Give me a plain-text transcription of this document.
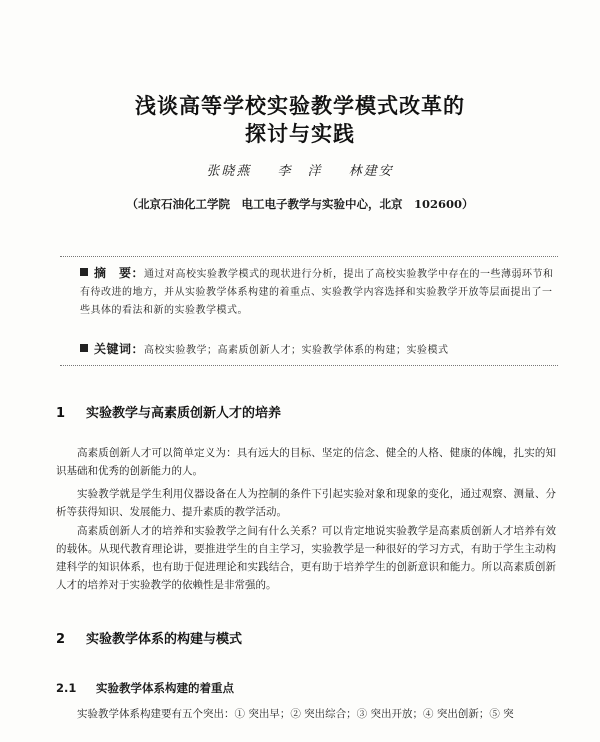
浅谈高等学校实验教学模式改革的
探讨与实践
张晓燕 李　洋 林建安
（北京石油化工学院　电工电子教学与实验中心，北京　102600）
摘　要：通过对高校实验教学模式的现状进行分析，提出了高校实验教学中存在的一些薄弱环节和有待改进的地方，并从实验教学体系构建的着重点、实验教学内容选择和实验教学开放等层面提出了一些具体的看法和新的实验教学模式。
关键词：高校实验教学；高素质创新人才；实验教学体系的构建；实验模式
1 实验教学与高素质创新人才的培养
高素质创新人才可以简单定义为：具有远大的目标、坚定的信念、健全的人格、健康的体魄，扎实的知识基础和优秀的创新能力的人。
实验教学就是学生利用仪器设备在人为控制的条件下引起实验对象和现象的变化，通过观察、测量、分析等获得知识、发展能力、提升素质的教学活动。
高素质创新人才的培养和实验教学之间有什么关系？可以肯定地说实验教学是高素质创新人才培养有效的载体。从现代教育理论讲，要推进学生的自主学习，实验教学是一种很好的学习方式，有助于学生主动构建科学的知识体系，也有助于促进理论和实践结合，更有助于培养学生的创新意识和能力。所以高素质创新人才的培养对于实验教学的依赖性是非常强的。
2 实验教学体系的构建与模式
2.1 实验教学体系构建的着重点
实验教学体系构建要有五个突出：① 突出早；② 突出综合；③ 突出开放；④ 突出创新；⑤ 突
